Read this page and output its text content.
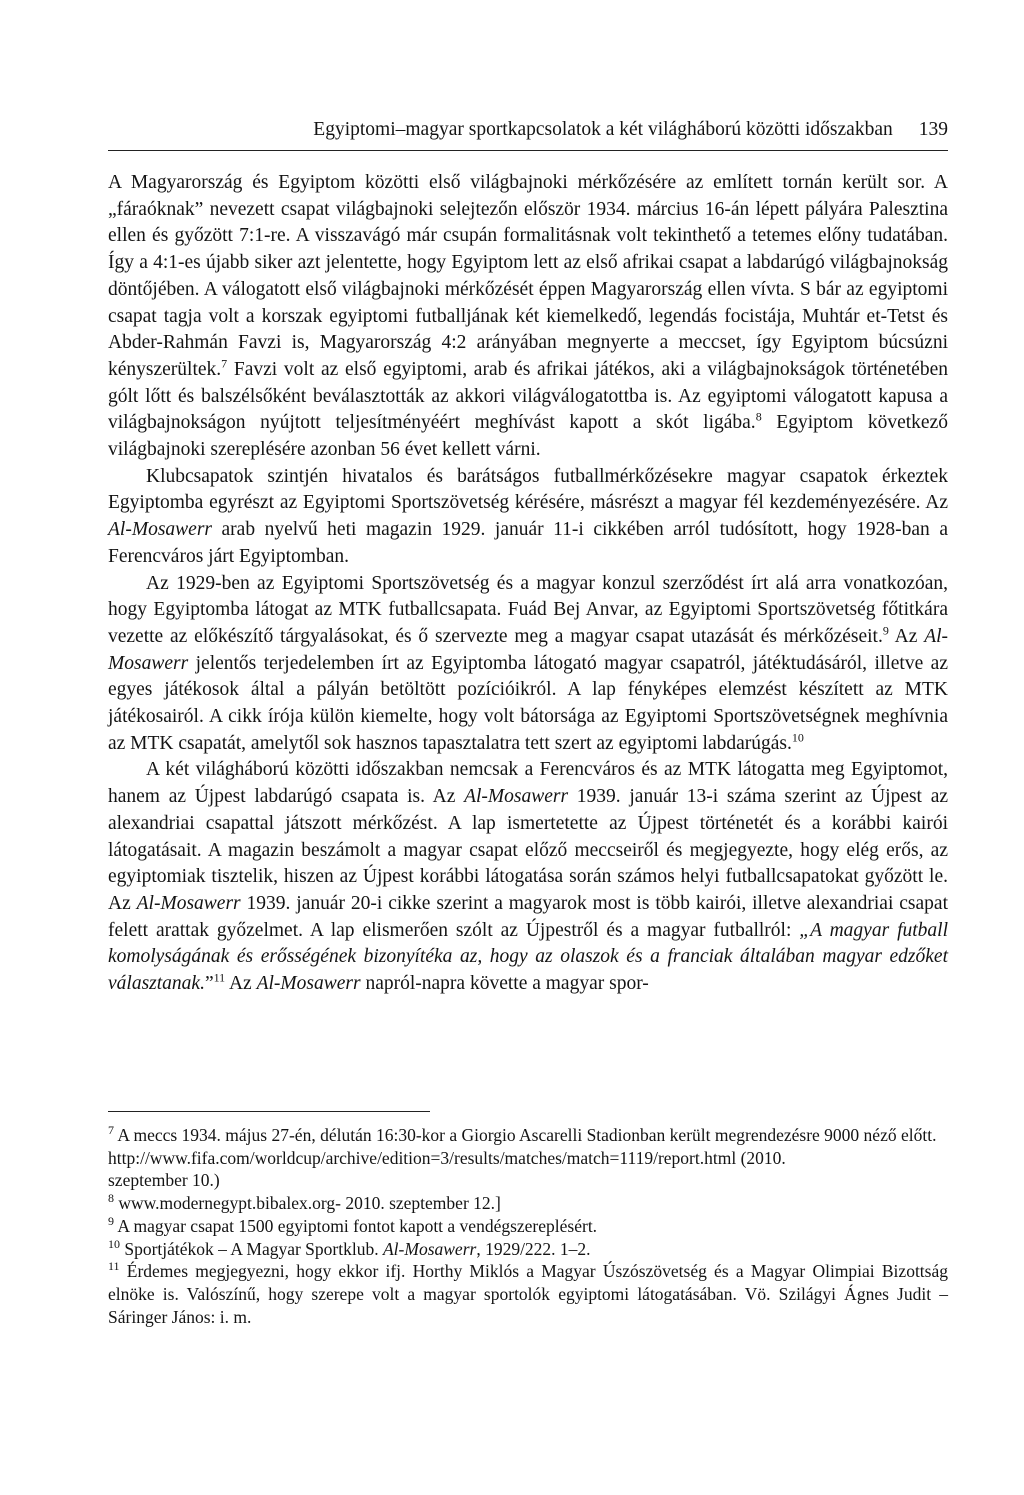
Egyiptomi–magyar sportkapcsolatok a két világháború közötti időszakban 139

A Magyarország és Egyiptom közötti első világbajnoki mérkőzésére az említett tornán került sor. A „fáraóknak” nevezett csapat világbajnoki selejtezőn először 1934. március 16-án lépett pályára Palesztina ellen és győzött 7:1-re. A visszavágó már csupán formalitásnak volt tekinthető a tetemes előny tudatában. Így a 4:1-es újabb siker azt jelentette, hogy Egyiptom lett az első afrikai csapat a labdarúgó világbajnokság döntőjében. A válogatott első világbajnoki mérkőzését éppen Magyarország ellen vívta. S bár az egyiptomi csapat tagja volt a korszak egyiptomi futballjának két kiemelkedő, legendás focistája, Muhtár et-Tetst és Abder-Rahmán Favzi is, Magyarország 4:2 arányában megnyerte a meccset, így Egyiptom búcsúzni kényszerültek.$^7$ Favzi volt az első egyiptomi, arab és afrikai játékos, aki a világbajnokságok történetében gólt lőtt és balszélsőként beválasztották az akkori világválogatottba is. Az egyiptomi válogatott kapusa a világbajnokságon nyújtott teljesítményéért meghívást kapott a skót ligába.$^8$ Egyiptom következő világbajnoki szereplésére azonban 56 évet kellett várni.

Klubcsapatok szintjén hivatalos és barátságos futballmérkőzésekre magyar csapatok érkeztek Egyiptomba egyrészt az Egyiptomi Sportszövetség kérésére, másrészt a magyar fél kezdeményezésére. Az Al-Mosawerr arab nyelvű heti magazin 1929. január 11-i cikkében arról tudósított, hogy 1928-ban a Ferencváros járt Egyiptomban.

Az 1929-ben az Egyiptomi Sportszövetség és a magyar konzul szerződést írt alá arra vonatkozóan, hogy Egyiptomba látogat az MTK futballcsapata. Fuád Bej Anvar, az Egyiptomi Sportszövetség főtitkára vezette az előkészítő tárgyalásokat, és ő szervezte meg a magyar csapat utazását és mérkőzéseit.$^9$ Az Al-Mosawerr jelentős terjedelemben írt az Egyiptomba látogató magyar csapatról, játéktudásáról, illetve az egyes játékosok által a pályán betöltött pozícióikról. A lap fényképes elemzést készített az MTK játékosairól. A cikk írója külön kiemelte, hogy volt bátorsága az Egyiptomi Sportszövetségnek meghívnia az MTK csapatát, amelytől sok hasznos tapasztalatra tett szert az egyiptomi labdarúgás.$^{10}$

A két világháború közötti időszakban nemcsak a Ferencváros és az MTK látogatta meg Egyiptomot, hanem az Újpest labdarúgó csapata is. Az Al-Mosawerr 1939. január 13-i száma szerint az Újpest az alexandriai csapattal játszott mérkőzést. A lap ismertetette az Újpest történetét és a korábbi kairói látogatásait. A magazin beszámolt a magyar csapat előző meccseiről és megjegyezte, hogy elég erős, az egyiptomiak tisztelik, hiszen az Újpest korábbi látogatása során számos helyi futballcsapatokat győzött le. Az Al-Mosawerr 1939. január 20-i cikke szerint a magyarok most is több kairói, illetve alexandriai csapat felett arattak győzelmet. A lap elismerően szólt az Újpestről és a magyar futballról: „A magyar futball komolyságának és erősségének bizonyítéka az, hogy az olaszok és a franciak általában magyar edzőket választanak.”$^{11}$ Az Al-Mosawerr napról-napra követte a magyar spor-

$^7$ A meccs 1934. május 27-én, délután 16:30-kor a Giorgio Ascarelli Stadionban került megrendezésre 9000 néző előtt.

http://www.fifa.com/worldcup/archive/edition=3/results/matches/match=1119/report.html (2010.

szeptember 10.)

$^8$ www.modernegypt.bibalex.org- 2010. szeptember 12.]

$^9$ A magyar csapat 1500 egyiptomi fontot kapott a vendégszereplésért.

$^{10}$ Sportjátékok – A Magyar Sportklub. Al-Mosawerr, 1929/222. 1–2.

$^{11}$ Érdemes megjegyezni, hogy ekkor ifj. Horthy Miklós a Magyar Úszószövetség és a Magyar Olimpiai Bizottság elnöke is. Valószínű, hogy szerepe volt a magyar sportolók egyiptomi látogatásában. Vö. Szilágyi Ágnes Judit – Sáringer János: i. m.
